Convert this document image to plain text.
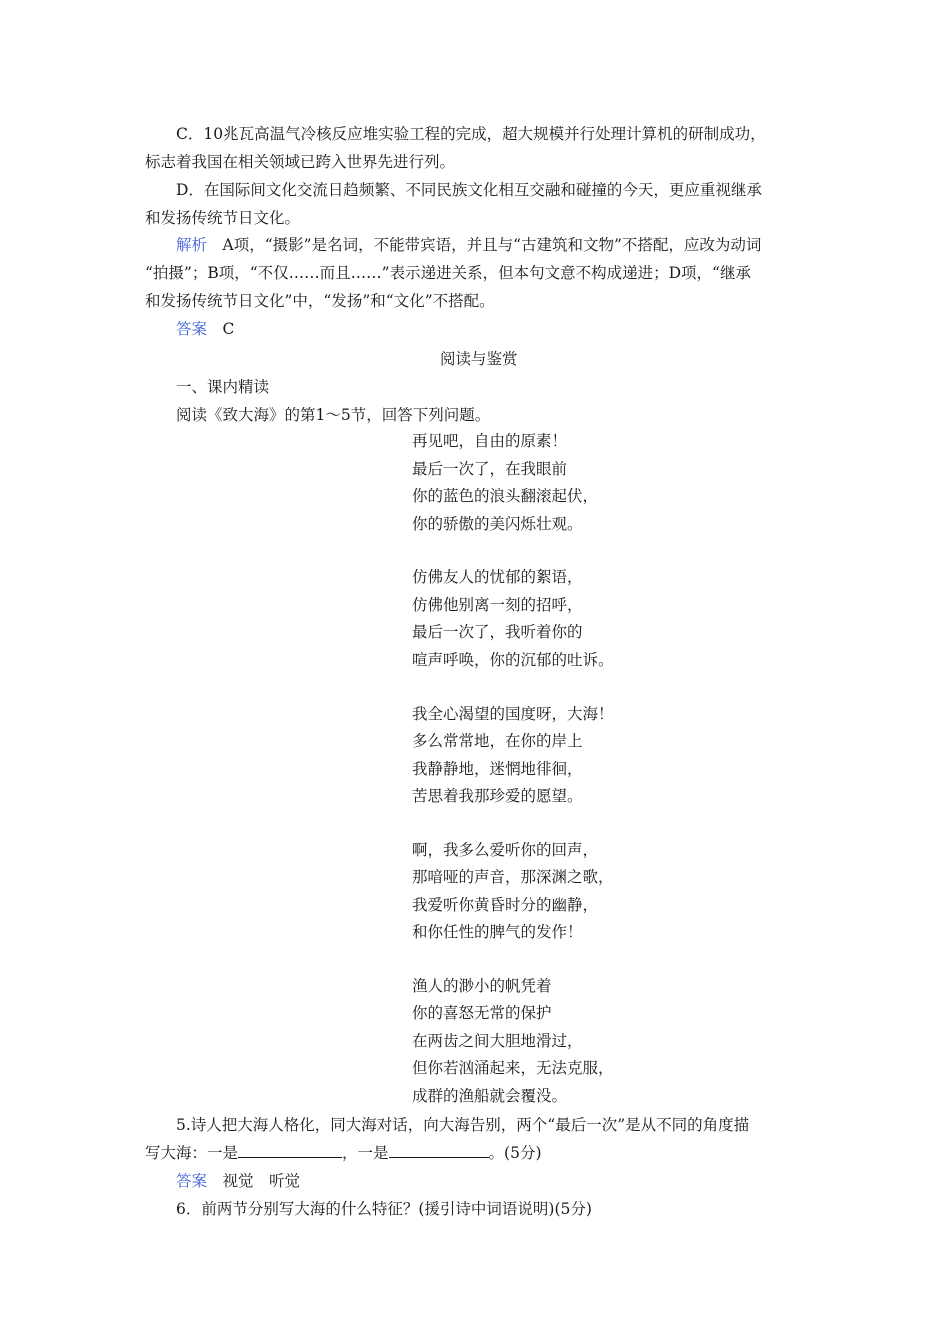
C．10兆瓦高温气冷核反应堆实验工程的完成，超大规模并行处理计算机的研制成功，
标志着我国在相关领域已跨入世界先进行列。
D．在国际间文化交流日趋频繁、不同民族文化相互交融和碰撞的今天，更应重视继承
和发扬传统节日文化。
解析　 A项，“摄影”是名词，不能带宾语，并且与“古建筑和文物”不搭配，应改为动词
“拍摄”；B项，“不仅……而且……”表示递进关系，但本句文意不构成递进；D项，“继承
和发扬传统节日文化”中，“发扬”和“文化”不搭配。
答案　 C
阅读与鉴赏
一、课内精读
阅读《致大海》的第1～5节，回答下列问题。
再见吧，自由的原素！
最后一次了，在我眼前
你的蓝色的浪头翻滚起伏，
你的骄傲的美闪烁壮观。
仿佛友人的忧郁的絮语，
仿佛他别离一刻的招呼，
最后一次了，我听着你的
喧声呼唤，你的沉郁的吐诉。
我全心渴望的国度呀，大海！
多么常常地，在你的岸上
我静静地，迷惘地徘徊，
苦思着我那珍爱的愿望。
啊，我多么爱听你的回声，
那喑哑的声音，那深渊之歌，
我爱听你黄昏时分的幽静，
和你任性的脾气的发作！
渔人的渺小的帆凭着
你的喜怒无常的保护
在两齿之间大胆地滑过，
但你若汹涌起来，无法克服，
成群的渔船就会覆没。
5.诗人把大海人格化，同大海对话，向大海告别，两个“最后一次”是从不同的角度描
写大海：一是	，一是	。(5分)
答案　 视觉　听觉
6．前两节分别写大海的什么特征？(援引诗中词语说明)(5分)
